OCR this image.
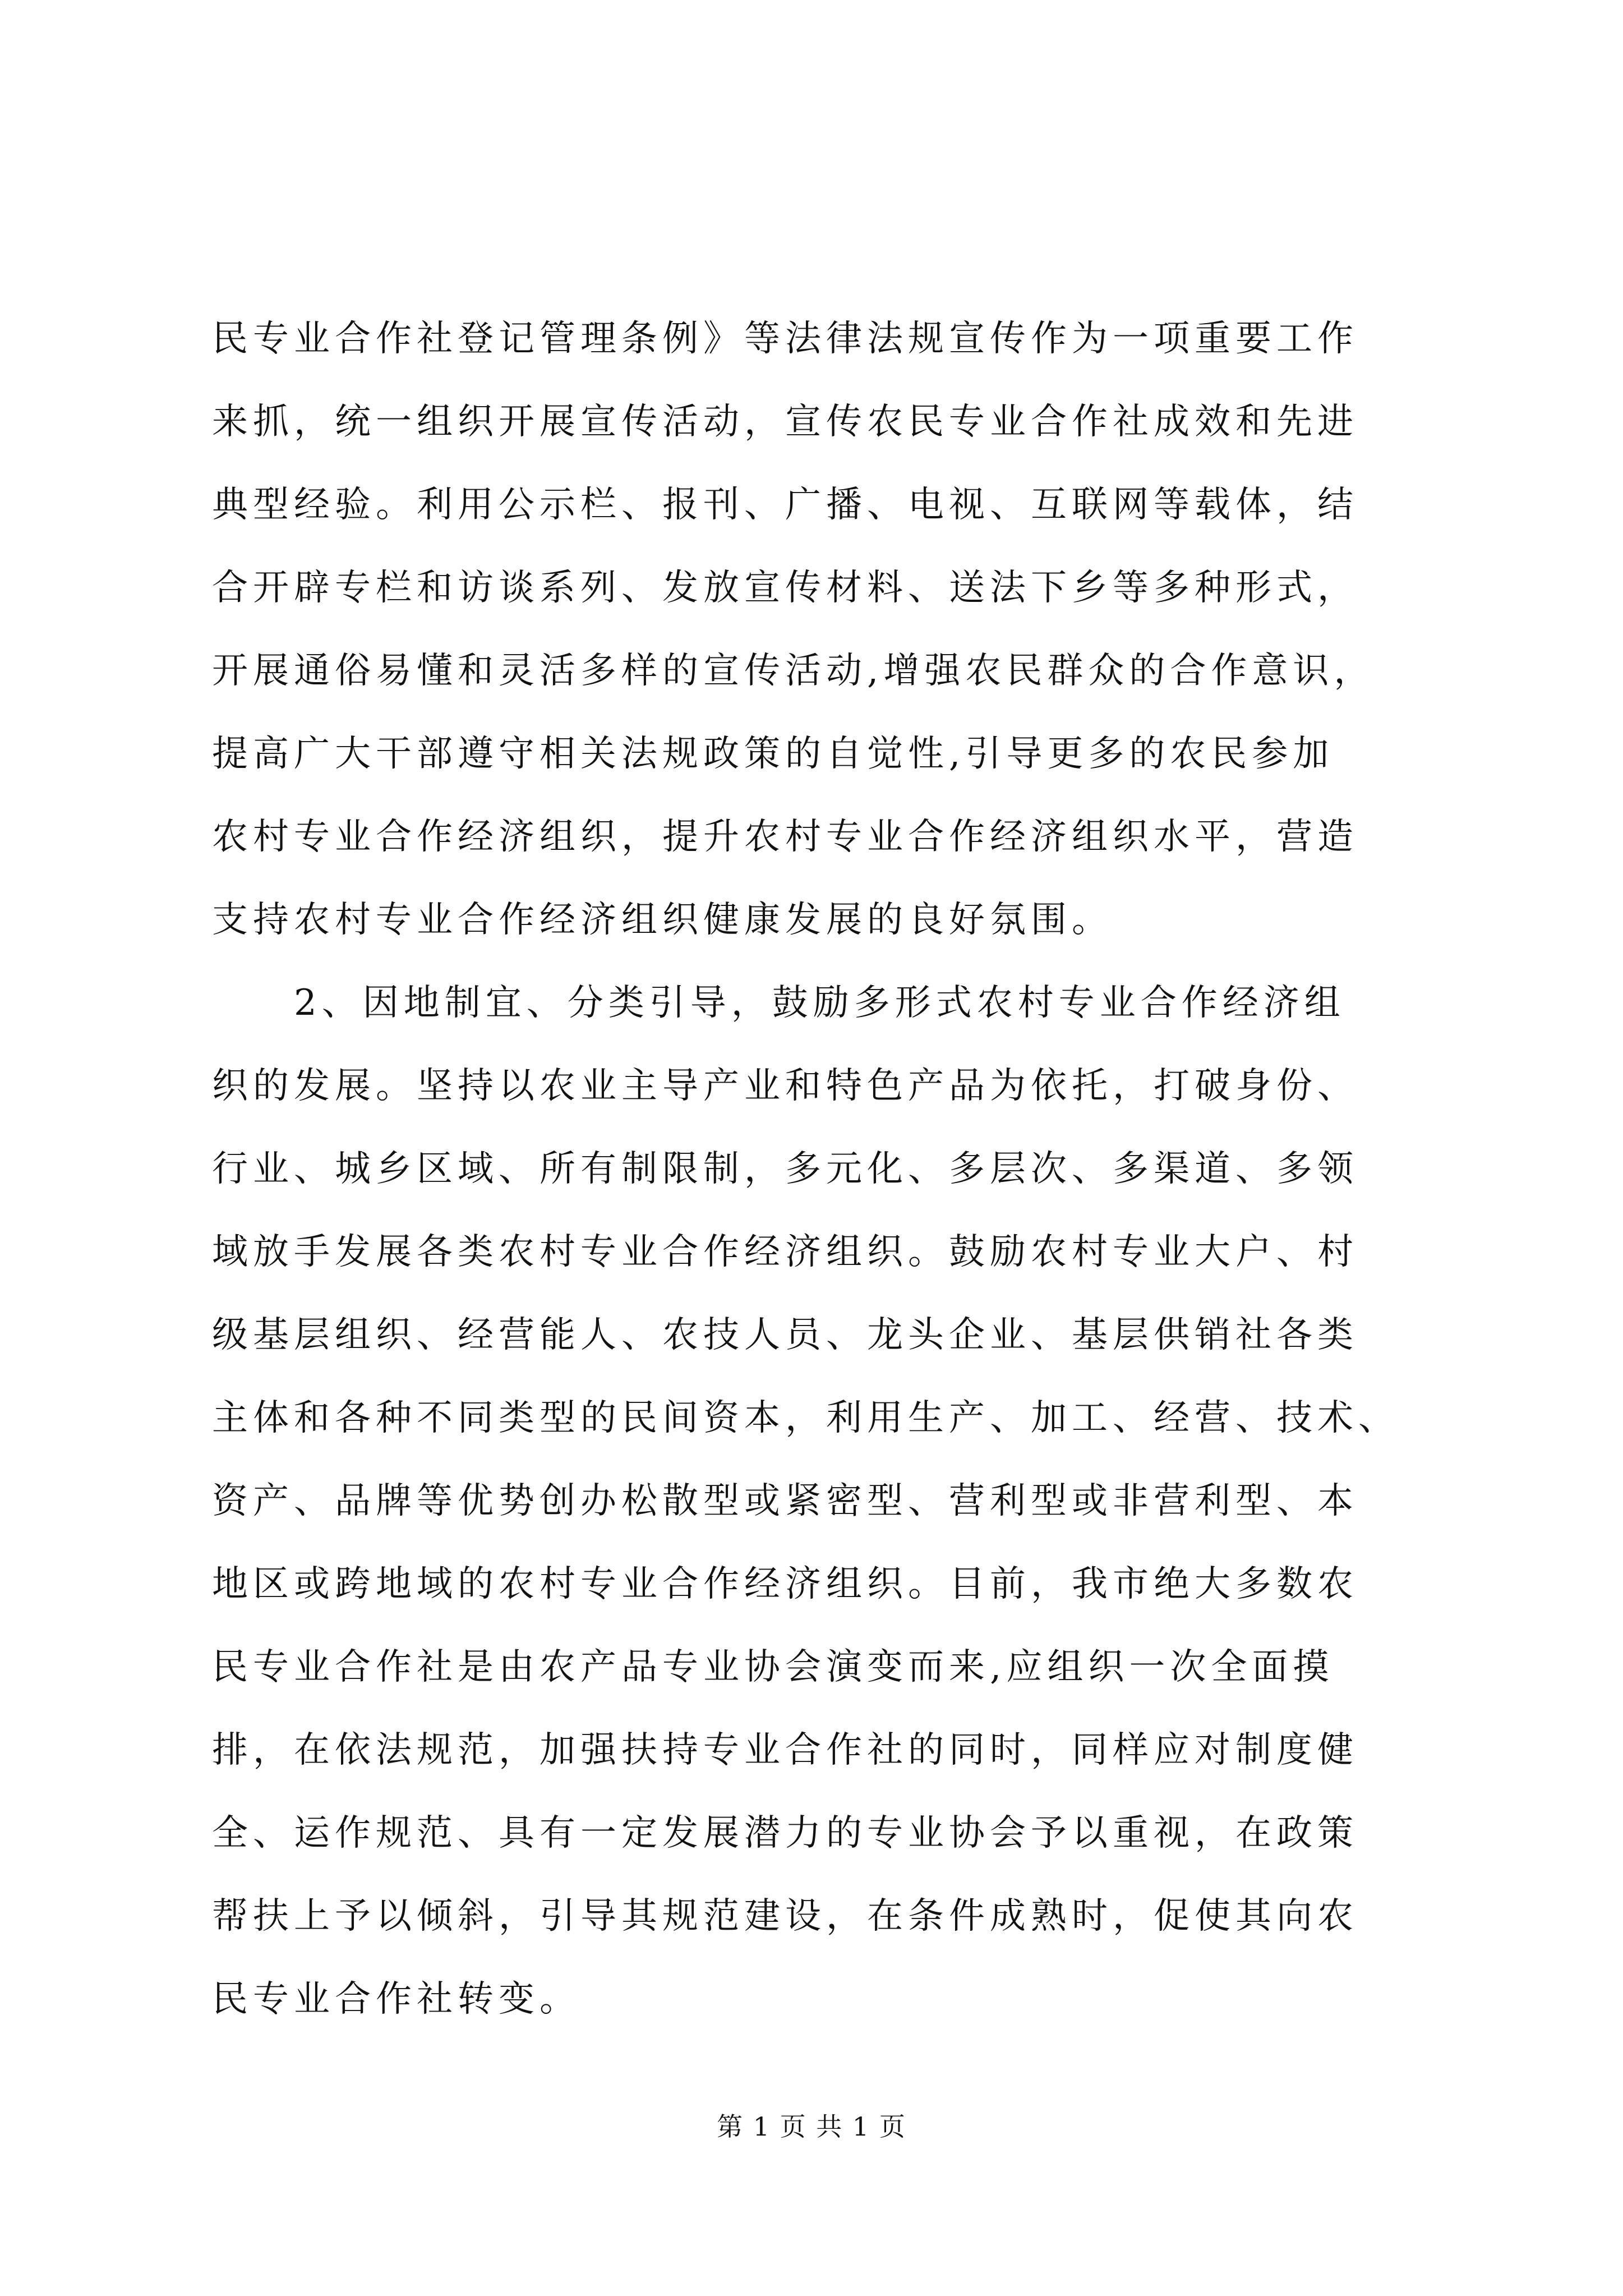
民专业合作社登记管理条例》等法律法规宣传作为一项重要工作
来抓，统一组织开展宣传活动，宣传农民专业合作社成效和先进
典型经验。利用公示栏、报刊、广播、电视、互联网等载体，结
合开辟专栏和访谈系列、发放宣传材料、送法下乡等多种形式，
开展通俗易懂和灵活多样的宣传活动,增强农民群众的合作意识，
提高广大干部遵守相关法规政策的自觉性,引导更多的农民参加
农村专业合作经济组织，提升农村专业合作经济组织水平，营造
支持农村专业合作经济组织健康发展的良好氛围。
　　2、因地制宜、分类引导，鼓励多形式农村专业合作经济组
织的发展。坚持以农业主导产业和特色产品为依托，打破身份、
行业、城乡区域、所有制限制，多元化、多层次、多渠道、多领
域放手发展各类农村专业合作经济组织。鼓励农村专业大户、村
级基层组织、经营能人、农技人员、龙头企业、基层供销社各类
主体和各种不同类型的民间资本，利用生产、加工、经营、技术、
资产、品牌等优势创办松散型或紧密型、营利型或非营利型、本
地区或跨地域的农村专业合作经济组织。目前，我市绝大多数农
民专业合作社是由农产品专业协会演变而来,应组织一次全面摸
排，在依法规范，加强扶持专业合作社的同时，同样应对制度健
全、运作规范、具有一定发展潜力的专业协会予以重视，在政策
帮扶上予以倾斜，引导其规范建设，在条件成熟时，促使其向农
民专业合作社转变。
第 1 页 共 1 页
